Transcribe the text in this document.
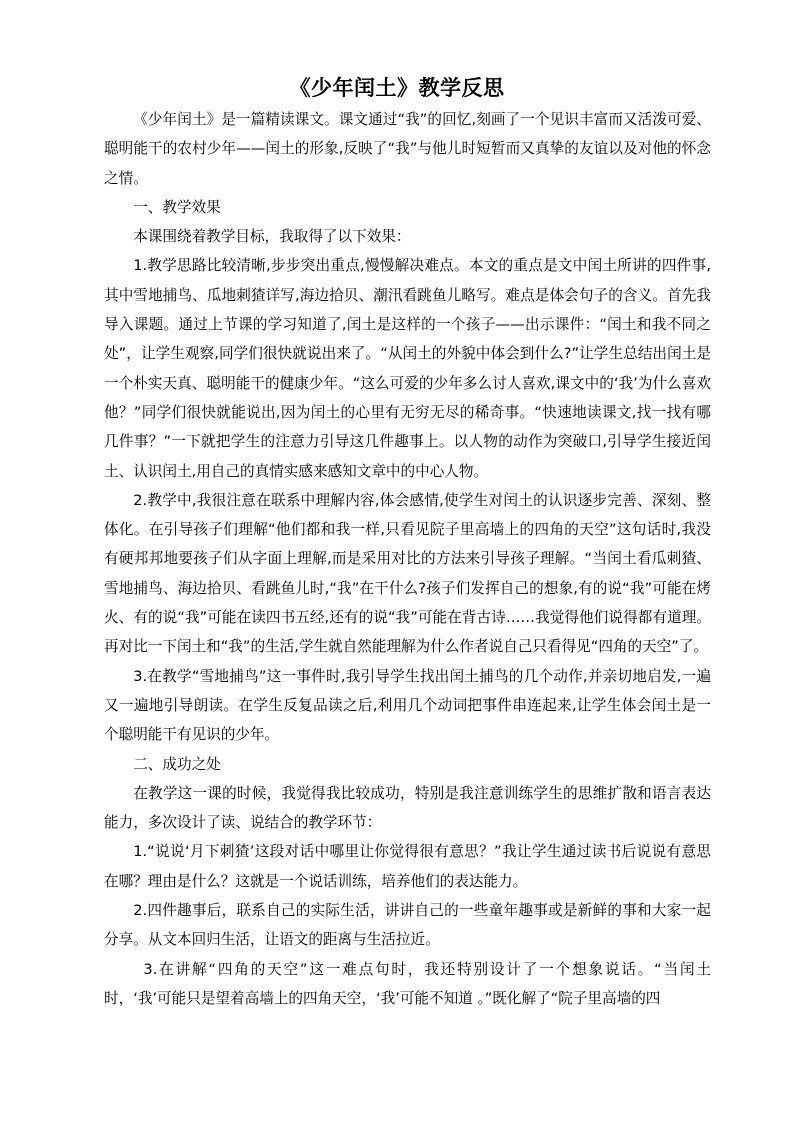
《少年闰土》教学反思

《少年闰土》是一篇精读课文。课文通过“我”的回忆,刻画了一个见识丰富而又活泼可爱、聪明能干的农村少年——闰土的形象,反映了“我”与他儿时短暂而又真挚的友谊以及对他的怀念之情。

一、教学效果

本课围绕着教学目标，我取得了以下效果：

1.教学思路比较清晰,步步突出重点,慢慢解决难点。本文的重点是文中闰土所讲的四件事,其中雪地捕鸟、瓜地刺猹详写,海边拾贝、潮汛看跳鱼儿略写。难点是体会句子的含义。首先我导入课题。通过上节课的学习知道了,闰土是这样的一个孩子——出示课件：“闰土和我不同之处”，让学生观察,同学们很快就说出来了。“从闰土的外貌中体会到什么?”让学生总结出闰土是一个朴实天真、聪明能干的健康少年。“这么可爱的少年多么讨人喜欢,课文中的‘我’为什么喜欢他？”同学们很快就能说出,因为闰土的心里有无穷无尽的稀奇事。“快速地读课文,找一找有哪几件事？”一下就把学生的注意力引导这几件趣事上。以人物的动作为突破口,引导学生接近闰土、认识闰土,用自己的真情实感来感知文章中的中心人物。

2.教学中,我很注意在联系中理解内容,体会感情,使学生对闰土的认识逐步完善、深刻、整体化。在引导孩子们理解“他们都和我一样,只看见院子里高墙上的四角的天空”这句话时,我没有硬邦邦地要孩子们从字面上理解,而是采用对比的方法来引导孩子理解。“当闰土看瓜刺猹、雪地捕鸟、海边拾贝、看跳鱼儿时,“我”在干什么?孩子们发挥自己的想象,有的说“我”可能在烤火、有的说“我”可能在读四书五经,还有的说“我”可能在背古诗……我觉得他们说得都有道理。再对比一下闰土和“我”的生活,学生就自然能理解为什么作者说自己只看得见“四角的天空”了。

3.在教学“雪地捕鸟”这一事件时,我引导学生找出闰土捕鸟的几个动作,并亲切地启发,一遍又一遍地引导朗读。在学生反复品读之后,利用几个动词把事件串连起来,让学生体会闰土是一个聪明能干有见识的少年。

二、成功之处

在教学这一课的时候，我觉得我比较成功，特别是我注意训练学生的思维扩散和语言表达能力，多次设计了读、说结合的教学环节：

1.“说说‘月下刺猹’这段对话中哪里让你觉得很有意思？”我让学生通过读书后说说有意思在哪？理由是什么？这就是一个说话训练，培养他们的表达能力。

2.四件趣事后，联系自己的实际生活，讲讲自己的一些童年趣事或是新鲜的事和大家一起分享。从文本回归生活，让语文的距离与生活拉近。

3.在讲解“四角的天空”这一难点句时，我还特别设计了一个想象说话。“当闰土时，‘我’可能只是望着高墙上的四角天空，‘我’可能不知道 。”既化解了“院子里高墙的四
